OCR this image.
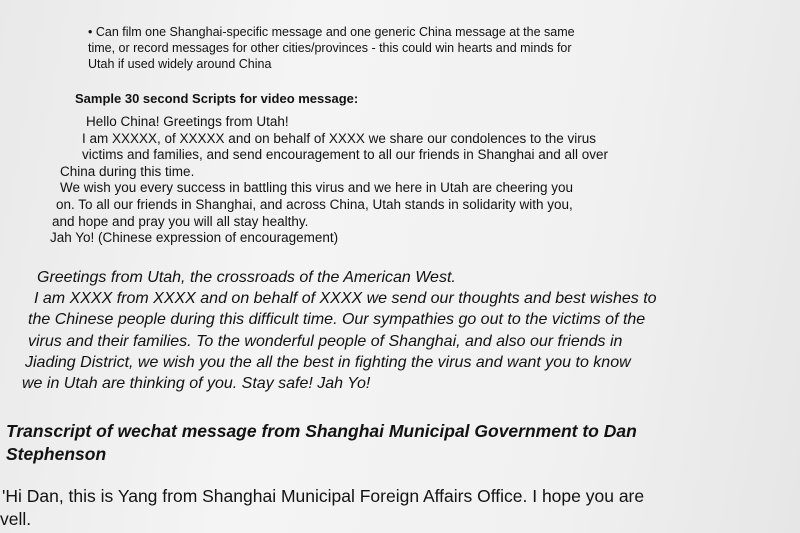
• Can film one Shanghai-specific message and one generic China message at the same
time, or record messages for other cities/provinces - this could win hearts and minds for
Utah if used widely around China
Sample 30 second Scripts for video message:
Hello China! Greetings from Utah!
I am XXXXX, of XXXXX and on behalf of XXXX we share our condolences to the virus
victims and families, and send encouragement to all our friends in Shanghai and all over
China during this time.
We wish you every success in battling this virus and we here in Utah are cheering you
on. To all our friends in Shanghai, and across China, Utah stands in solidarity with you,
and hope and pray you will all stay healthy.
Jah Yo! (Chinese expression of encouragement)
Greetings from Utah, the crossroads of the American West.
I am XXXX from XXXX and on behalf of XXXX we send our thoughts and best wishes to
the Chinese people during this difficult time. Our sympathies go out to the victims of the
virus and their families. To the wonderful people of Shanghai, and also our friends in
Jiading District, we wish you the all the best in fighting the virus and want you to know
we in Utah are thinking of you. Stay safe! Jah Yo!
Transcript of wechat message from Shanghai Municipal Government to Dan
Stephenson
'Hi Dan, this is Yang from Shanghai Municipal Foreign Affairs Office. I hope you are
vell.
